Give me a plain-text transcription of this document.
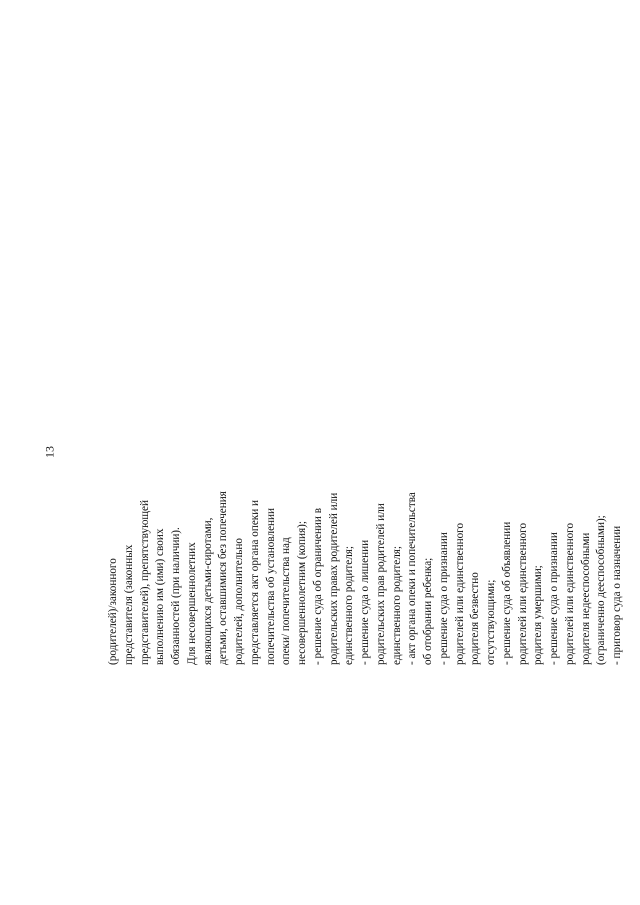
13
(родителей)/законного представителя (законных представителей), препятствующей выполнению им (ими) своих обязанностей (при наличии). Для несовершеннолетних являющихся детьми-сиротами, детьми, оставшимися без попечения родителей, дополнительно представляется акт органа опеки и попечительства об установлении опеки/ попечительства над несовершеннолетним (копия); - решение суда об ограничении в родительских правах родителей или единственного родителя; - решение суда о лишении родительских прав родителей или единственного родителя; - акт органа опеки и попечительства об отобрании ребенка; - решение суда о признании родителей или единственного родителя безвестно отсутствующими; - решение суда об объявлении родителей или единственного родителя умершими; - решение суда о признании родителей или единственного родителя недееспособными (ограниченно дееспособными); - приговор суда о назначении
